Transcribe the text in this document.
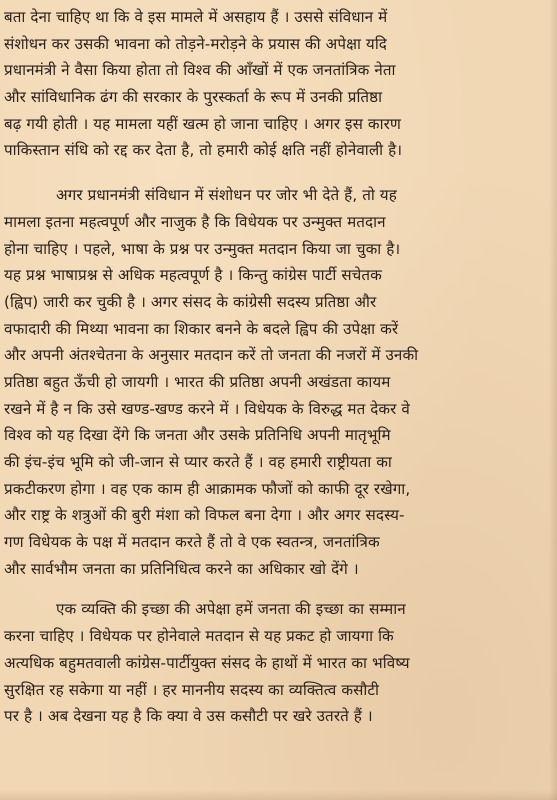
बता देना चाहिए था कि वे इस मामले में असहाय हैं । उससे संविधान में
संशोधन कर उसकी भावना को तोड़ने-मरोड़ने के प्रयास की अपेक्षा यदि
प्रधानमंत्री ने वैसा किया होता तो विश्व की आँखों में एक जनतांत्रिक नेता
और सांविधानिक ढंग की सरकार के पुरस्कर्ता के रूप में उनकी प्रतिष्ठा
बढ़ गयी होती । यह मामला यहीं खत्म हो जाना चाहिए । अगर इस कारण
पाकिस्तान संधि को रद्द कर देता है, तो हमारी कोई क्षति नहीं होनेवाली है।
अगर प्रधानमंत्री संविधान में संशोधन पर जोर भी देते हैं, तो यह
मामला इतना महत्वपूर्ण और नाजुक है कि विधेयक पर उन्मुक्त मतदान
होना चाहिए । पहले, भाषा के प्रश्न पर उन्मुक्त मतदान किया जा चुका है।
यह प्रश्न भाषाप्रश्न से अधिक महत्वपूर्ण है । किन्तु कांग्रेस पार्टी सचेतक
(ह्विप) जारी कर चुकी है । अगर संसद के कांग्रेसी सदस्य प्रतिष्ठा और
वफादारी की मिथ्या भावना का शिकार बनने के बदले ह्विप की उपेक्षा करें
और अपनी अंतश्चेतना के अनुसार मतदान करें तो जनता की नजरों में उनकी
प्रतिष्ठा बहुत ऊँची हो जायगी । भारत की प्रतिष्ठा अपनी अखंडता कायम
रखने में है न कि उसे खण्ड-खण्ड करने में । विधेयक के विरुद्ध मत देकर वे
विश्व को यह दिखा देंगे कि जनता और उसके प्रतिनिधि अपनी मातृभूमि
की इंच-इंच भूमि को जी-जान से प्यार करते हैं । वह हमारी राष्ट्रीयता का
प्रकटीकरण होगा । वह एक काम ही आक्रामक फौजों को काफी दूर रखेगा,
और राष्ट्र के शत्रुओं की बुरी मंशा को विफल बना देगा । और अगर सदस्य-
गण विधेयक के पक्ष में मतदान करते हैं तो वे एक स्वतन्त्र, जनतांत्रिक
और सार्वभौम जनता का प्रतिनिधित्व करने का अधिकार खो देंगे ।
एक व्यक्ति की इच्छा की अपेक्षा हमें जनता की इच्छा का सम्मान
करना चाहिए । विधेयक पर होनेवाले मतदान से यह प्रकट हो जायगा कि
अत्यधिक बहुमतवाली कांग्रेस-पार्टीयुक्त संसद के हाथों में भारत का भविष्य
सुरक्षित रह सकेगा या नहीं । हर माननीय सदस्य का व्यक्तित्व कसौटी
पर है । अब देखना यह है कि क्या वे उस कसौटी पर खरे उतरते हैं ।
